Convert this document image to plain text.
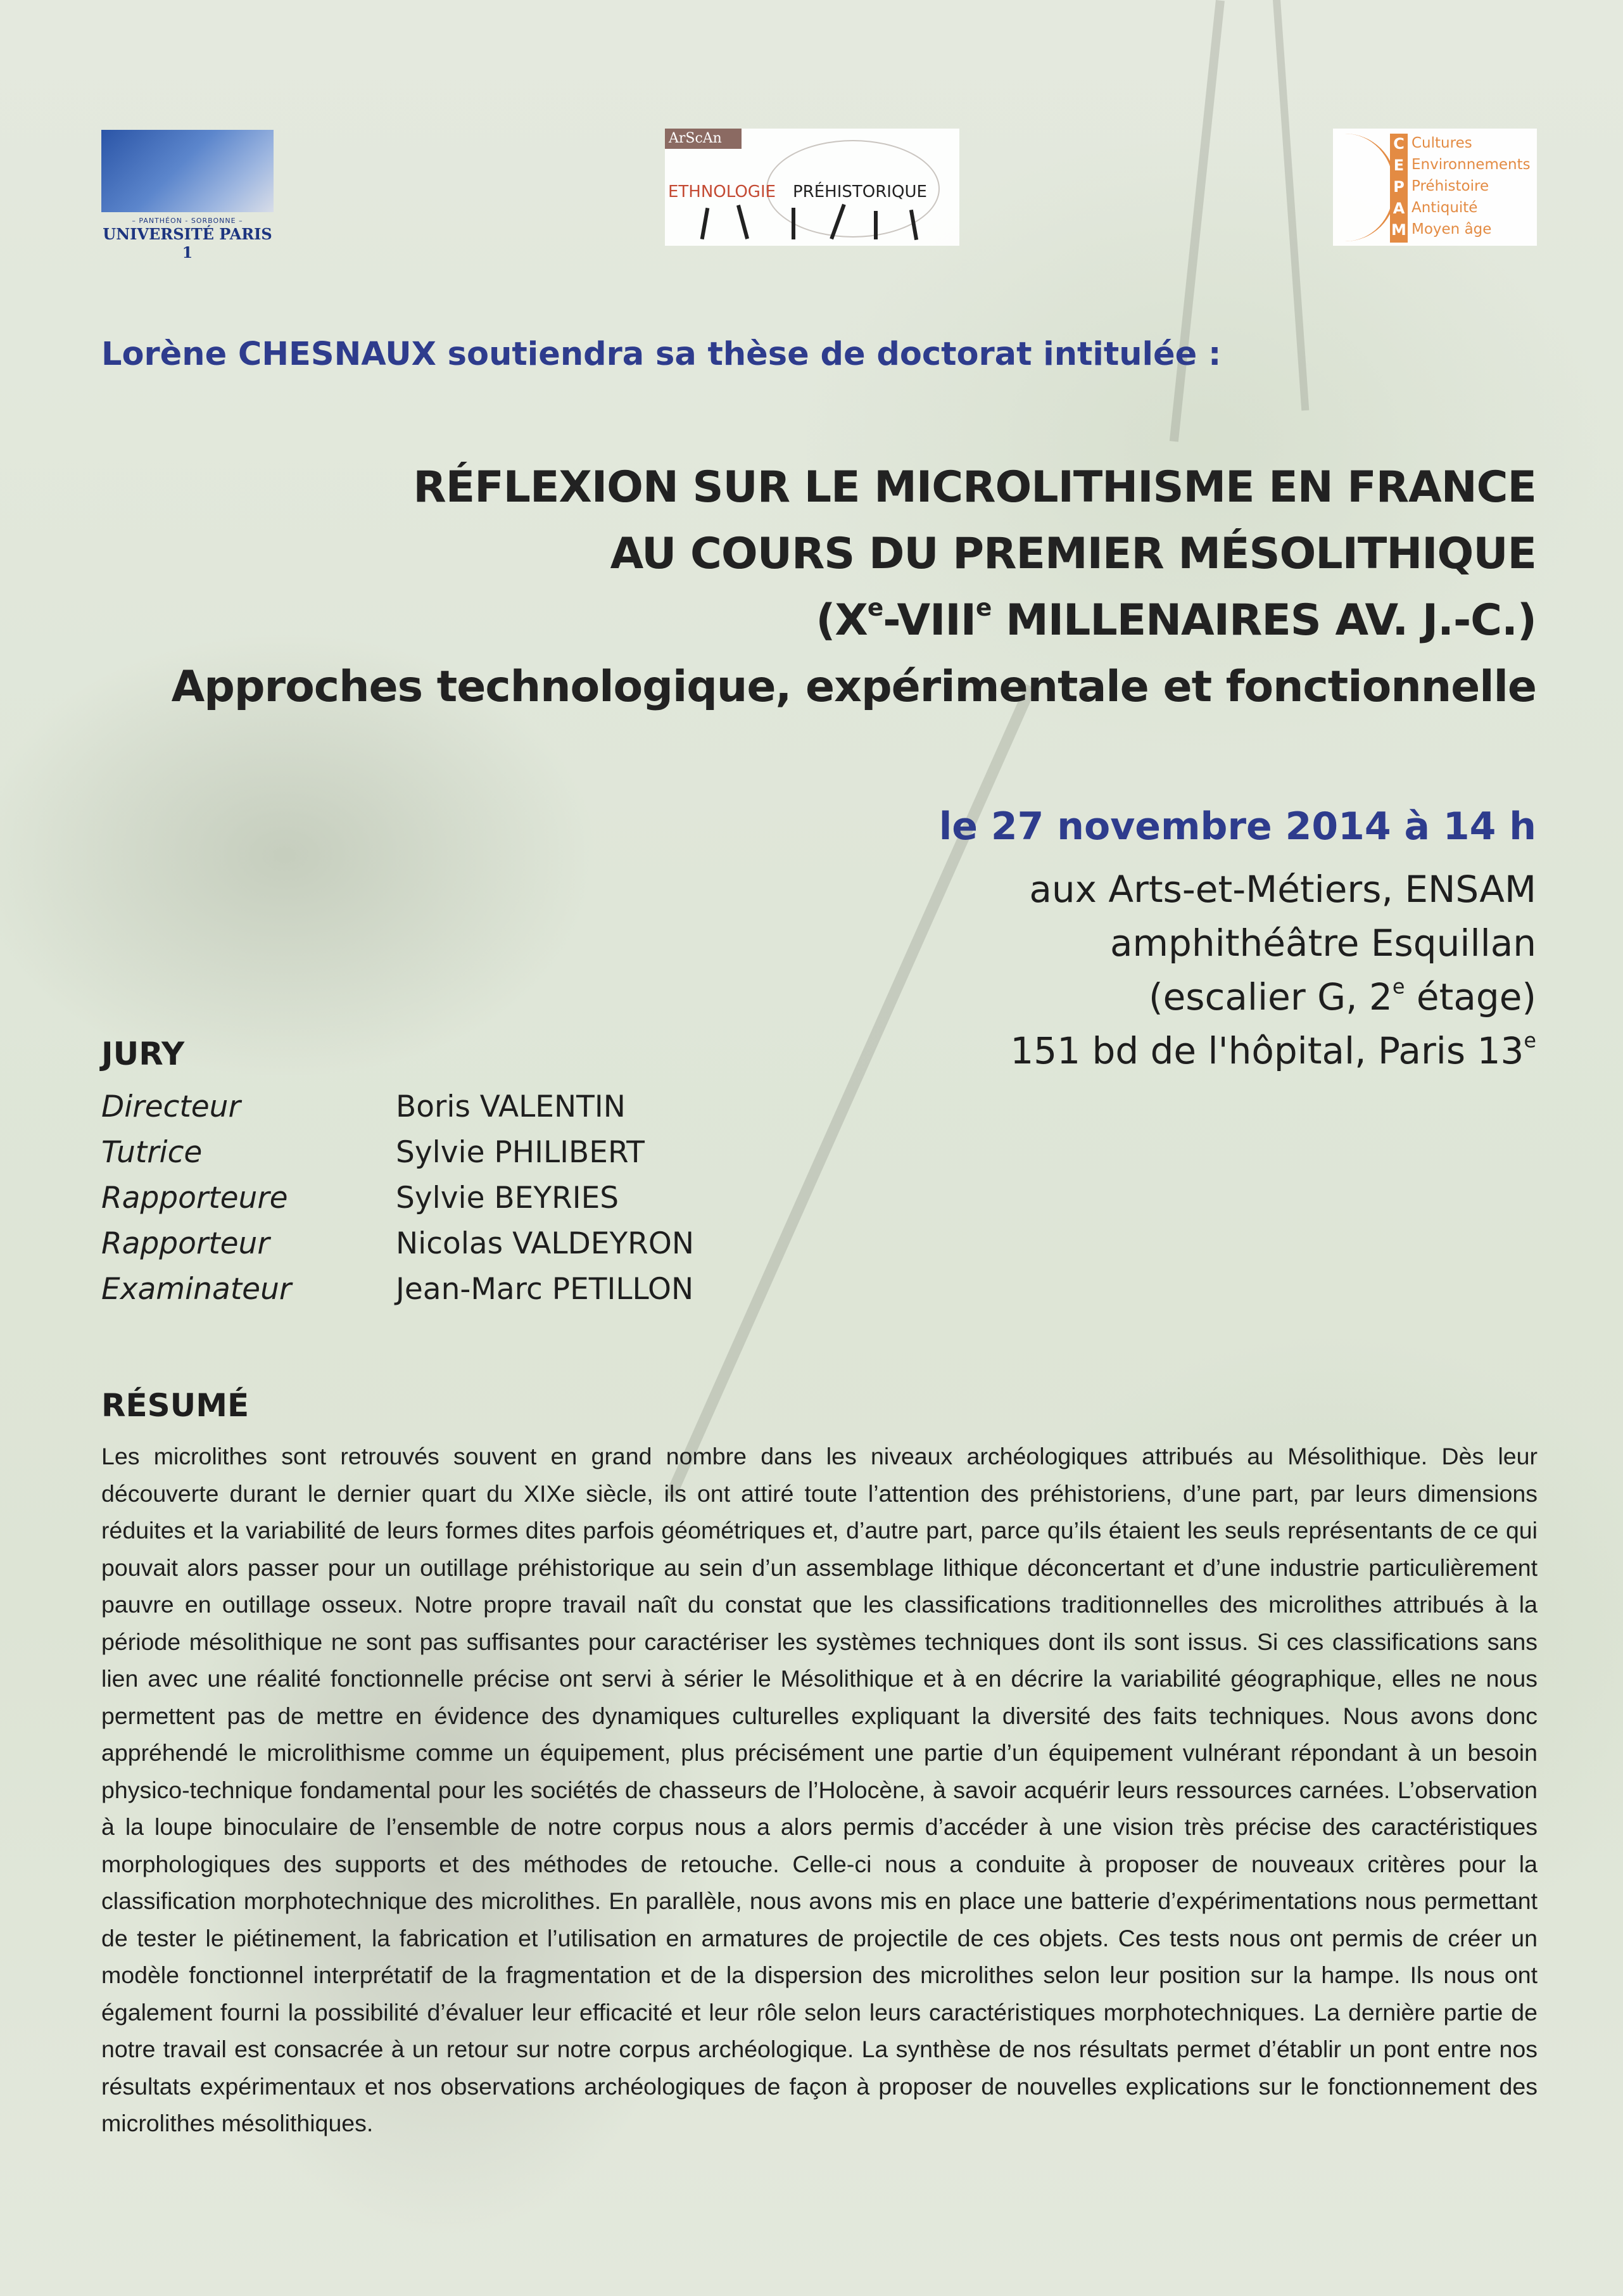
– PANTHÉON - SORBONNE –
UNIVERSITÉ PARIS 1
ArScAn
ETHNOLOGIE PRÉHISTORIQUE
C
E
P
A
M
Cultures
Environnements
Préhistoire
Antiquité
Moyen âge
Lorène CHESNAUX soutiendra sa thèse de doctorat intitulée :
RÉFLEXION SUR LE MICROLITHISME EN FRANCE
AU COURS DU PREMIER MÉSOLITHIQUE
(Xe-VIIIe MILLENAIRES AV. J.-C.)
Approches technologique, expérimentale et fonctionnelle
le 27 novembre 2014 à 14 h
aux Arts-et-Métiers, ENSAM
amphithéâtre Esquillan
(escalier G, 2e étage)
151 bd de l'hôpital, Paris 13e
JURY
Directeur	Boris VALENTIN
Tutrice	Sylvie PHILIBERT
Rapporteure	Sylvie BEYRIES
Rapporteur	Nicolas VALDEYRON
Examinateur	Jean-Marc PETILLON
RÉSUMÉ

Les microlithes sont retrouvés souvent en grand nombre dans les niveaux archéologiques attribués au Mésolithique. Dès leur découverte durant le dernier quart du XIXe siècle, ils ont attiré toute l’attention des préhistoriens, d’une part, par leurs dimensions réduites et la variabilité de leurs formes dites parfois géométriques et, d’autre part, parce qu’ils étaient les seuls représentants de ce qui pouvait alors passer pour un outillage préhistorique au sein d’un assemblage lithique déconcertant et d’une industrie particulièrement pauvre en outillage osseux. Notre propre travail naît du constat que les classifications traditionnelles des microlithes attribués à la période mésolithique ne sont pas suffisantes pour caractériser les systèmes techniques dont ils sont issus. Si ces classifications sans lien avec une réalité fonctionnelle précise ont servi à sérier le Mésolithique et à en décrire la variabilité géographique, elles ne nous permettent pas de mettre en évidence des dynamiques culturelles expliquant la diversité des faits techniques. Nous avons donc appréhendé le microlithisme comme un équipement, plus précisément une partie d’un équipement vulnérant répondant à un besoin physico-technique fondamental pour les sociétés de chasseurs de l’Holocène, à savoir acquérir leurs ressources carnées. L’observation à la loupe binoculaire de l’ensemble de notre corpus nous a alors permis d’accéder à une vision très précise des caractéristiques morphologiques des supports et des méthodes de retouche. Celle-ci nous a conduite à proposer de nouveaux critères pour la classification morphotechnique des microlithes. En parallèle, nous avons mis en place une batterie d’expérimentations nous permettant de tester le piétinement, la fabrication et l’utilisation en armatures de projectile de ces objets. Ces tests nous ont permis de créer un modèle fonctionnel interprétatif de la fragmentation et de la dispersion des microlithes selon leur position sur la hampe. Ils nous ont également fourni la possibilité d’évaluer leur efficacité et leur rôle selon leurs caractéristiques morphotechniques. La dernière partie de notre travail est consacrée à un retour sur notre corpus archéologique. La synthèse de nos résultats permet d’établir un pont entre nos résultats expérimentaux et nos observations archéologiques de façon à proposer de nouvelles explications sur le fonctionnement des microlithes mésolithiques.
